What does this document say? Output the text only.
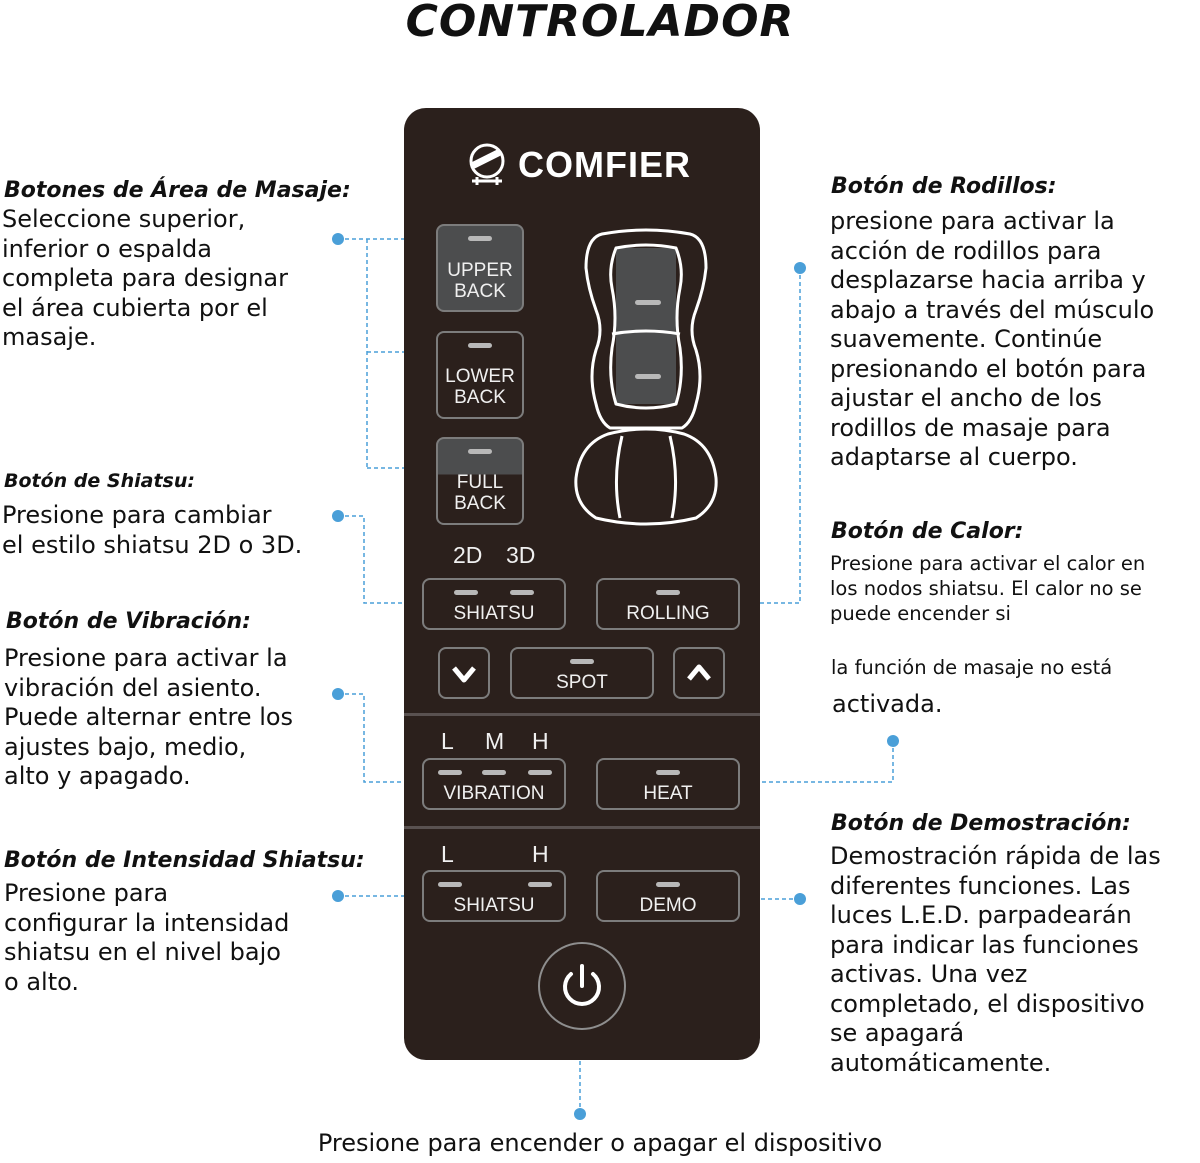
CONTROLADOR
Botones de Área de Masaje:
Seleccione superior,
inferior o espalda
completa para designar
el área cubierta por el
masaje.
Botón de Shiatsu:
Presione para cambiar
el estilo shiatsu 2D o 3D.
Botón de Vibración:
Presione para activar la
vibración del asiento.
Puede alternar entre los
ajustes bajo, medio,
alto y apagado.
Botón de Intensidad Shiatsu:
Presione para
configurar la intensidad
shiatsu en el nivel bajo
o alto.
Botón de Rodillos:
presione para activar la
acción de rodillos para
desplazarse hacia arriba y
abajo a través del músculo
suavemente. Continúe
presionando el botón para
ajustar el ancho de los
rodillos de masaje para
adaptarse al cuerpo.
Botón de Calor:
Presione para activar el calor en
los nodos shiatsu. El calor no se
puede encender si
la función de masaje no está
activada.
Botón de Demostración:
Demostración rápida de las
diferentes funciones. Las
luces L.E.D. parpadearán
para indicar las funciones
activas. Una vez
completado, el dispositivo
se apagará
automáticamente.
Presione para encender o apagar el dispositivo
COMFIER
UPPER
BACK
LOWER
BACK
FULL
BACK
2D 3D
SHIATSU	ROLLING
SPOT
L M H
VIBRATION	HEAT
L	H
SHIATSU	DEMO
